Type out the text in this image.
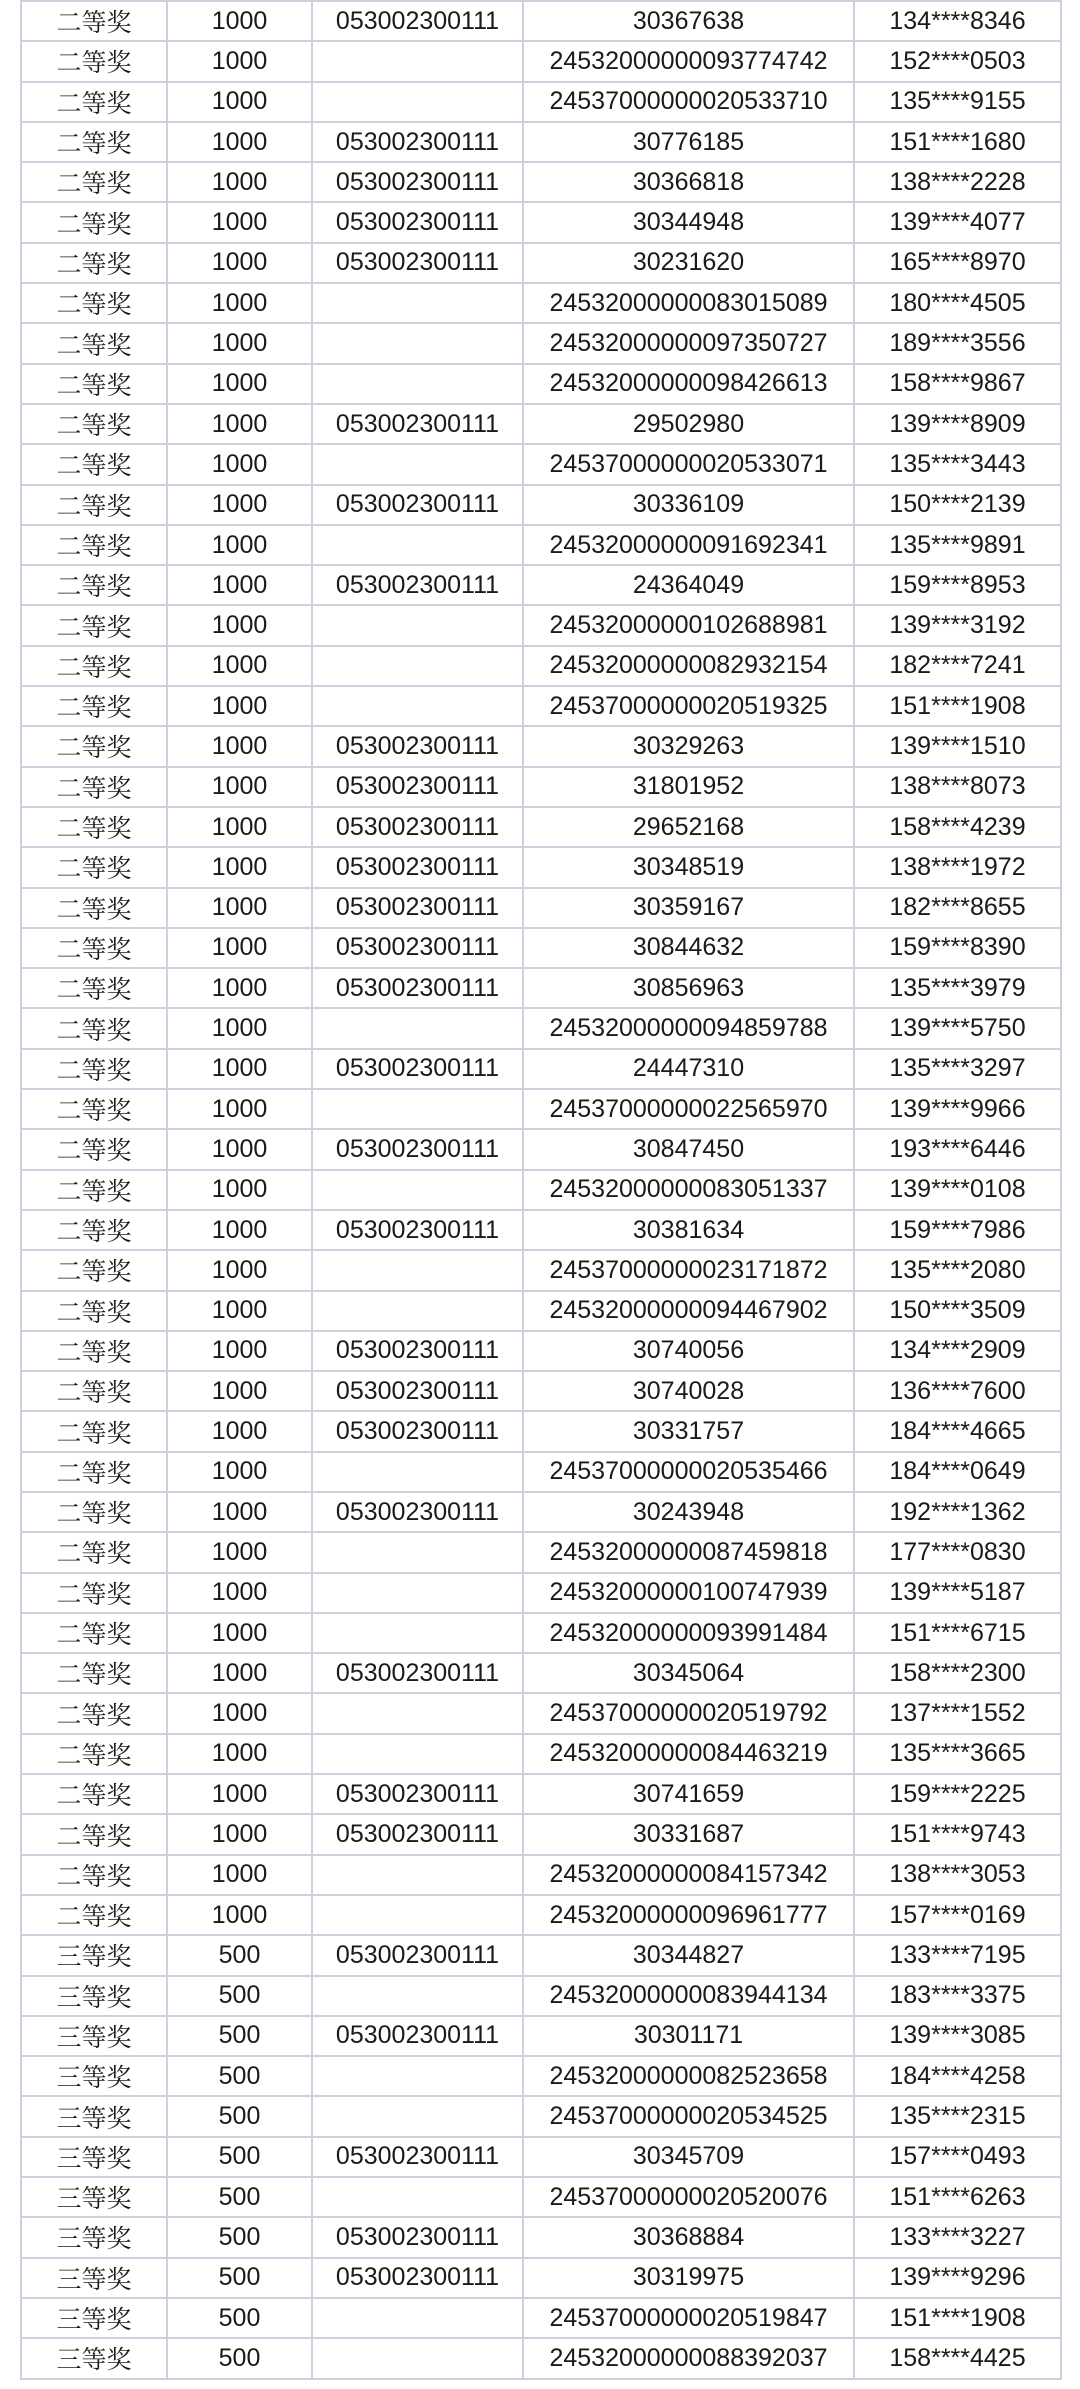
二等奖	1000	053002300111	30367638	134****8346
二等奖	1000		24532000000093774742	152****0503
二等奖	1000		24537000000020533710	135****9155
二等奖	1000	053002300111	30776185	151****1680
二等奖	1000	053002300111	30366818	138****2228
二等奖	1000	053002300111	30344948	139****4077
二等奖	1000	053002300111	30231620	165****8970
二等奖	1000		24532000000083015089	180****4505
二等奖	1000		24532000000097350727	189****3556
二等奖	1000		24532000000098426613	158****9867
二等奖	1000	053002300111	29502980	139****8909
二等奖	1000		24537000000020533071	135****3443
二等奖	1000	053002300111	30336109	150****2139
二等奖	1000		24532000000091692341	135****9891
二等奖	1000	053002300111	24364049	159****8953
二等奖	1000		24532000000102688981	139****3192
二等奖	1000		24532000000082932154	182****7241
二等奖	1000		24537000000020519325	151****1908
二等奖	1000	053002300111	30329263	139****1510
二等奖	1000	053002300111	31801952	138****8073
二等奖	1000	053002300111	29652168	158****4239
二等奖	1000	053002300111	30348519	138****1972
二等奖	1000	053002300111	30359167	182****8655
二等奖	1000	053002300111	30844632	159****8390
二等奖	1000	053002300111	30856963	135****3979
二等奖	1000		24532000000094859788	139****5750
二等奖	1000	053002300111	24447310	135****3297
二等奖	1000		24537000000022565970	139****9966
二等奖	1000	053002300111	30847450	193****6446
二等奖	1000		24532000000083051337	139****0108
二等奖	1000	053002300111	30381634	159****7986
二等奖	1000		24537000000023171872	135****2080
二等奖	1000		24532000000094467902	150****3509
二等奖	1000	053002300111	30740056	134****2909
二等奖	1000	053002300111	30740028	136****7600
二等奖	1000	053002300111	30331757	184****4665
二等奖	1000		24537000000020535466	184****0649
二等奖	1000	053002300111	30243948	192****1362
二等奖	1000		24532000000087459818	177****0830
二等奖	1000		24532000000100747939	139****5187
二等奖	1000		24532000000093991484	151****6715
二等奖	1000	053002300111	30345064	158****2300
二等奖	1000		24537000000020519792	137****1552
二等奖	1000		24532000000084463219	135****3665
二等奖	1000	053002300111	30741659	159****2225
二等奖	1000	053002300111	30331687	151****9743
二等奖	1000		24532000000084157342	138****3053
二等奖	1000		24532000000096961777	157****0169
三等奖	500	053002300111	30344827	133****7195
三等奖	500		24532000000083944134	183****3375
三等奖	500	053002300111	30301171	139****3085
三等奖	500		24532000000082523658	184****4258
三等奖	500		24537000000020534525	135****2315
三等奖	500	053002300111	30345709	157****0493
三等奖	500		24537000000020520076	151****6263
三等奖	500	053002300111	30368884	133****3227
三等奖	500	053002300111	30319975	139****9296
三等奖	500		24537000000020519847	151****1908
三等奖	500		24532000000088392037	158****4425
